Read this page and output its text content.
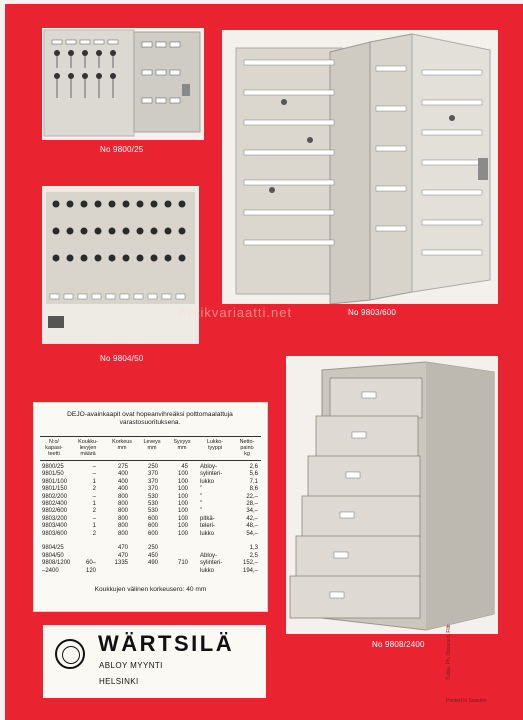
No 9800/25
No 9803/600
No 9804/50
No 9808/2400
Antikvariaatti.net
DEJO-avainkaapit ovat hopeanvihreäksi polttomaalattuja varastosuorituksena.
N:o/
kapasi-
teetti
Koukku-
levyjen
määrä
Korkeus
mm
Leveys
mm
Syvyys
mm
Lukko-
tyyppi
Netto-
paino
kg
9800/25
9801/50
9801/100
9801/150
9802/200
9802/400
9802/600
9803/200
9803/400
9803/600

9804/25
9804/50
9808/1200
–2400
–
–
1
2
–
1
2
–
1
2

60–
120
275
400
400
400
800
800
800
800
800
800

470
470
1335
250
370
370
370
530
530
530
600
600
600

250
450
490
45
100
100
100
100
100
100
100
100
100

710
Abloy-
sylinteri-
lukko
”
”
”
”
pitkä-
teleri-
lukko

Abloy-
sylinteri-
lukko
2,6
5,6
7,1
8,6
22,–
28,–
34,–
42,–
48,–
54,–

1,3
2,5
152,–
194,–
Koukkujen välinen korkeusero: 40 mm
WÄRTSILÄ
ABLOY MYYNTI
HELSINKI
Printed in Sweden
Tullila, Ph. Oksanen, Filtr.
